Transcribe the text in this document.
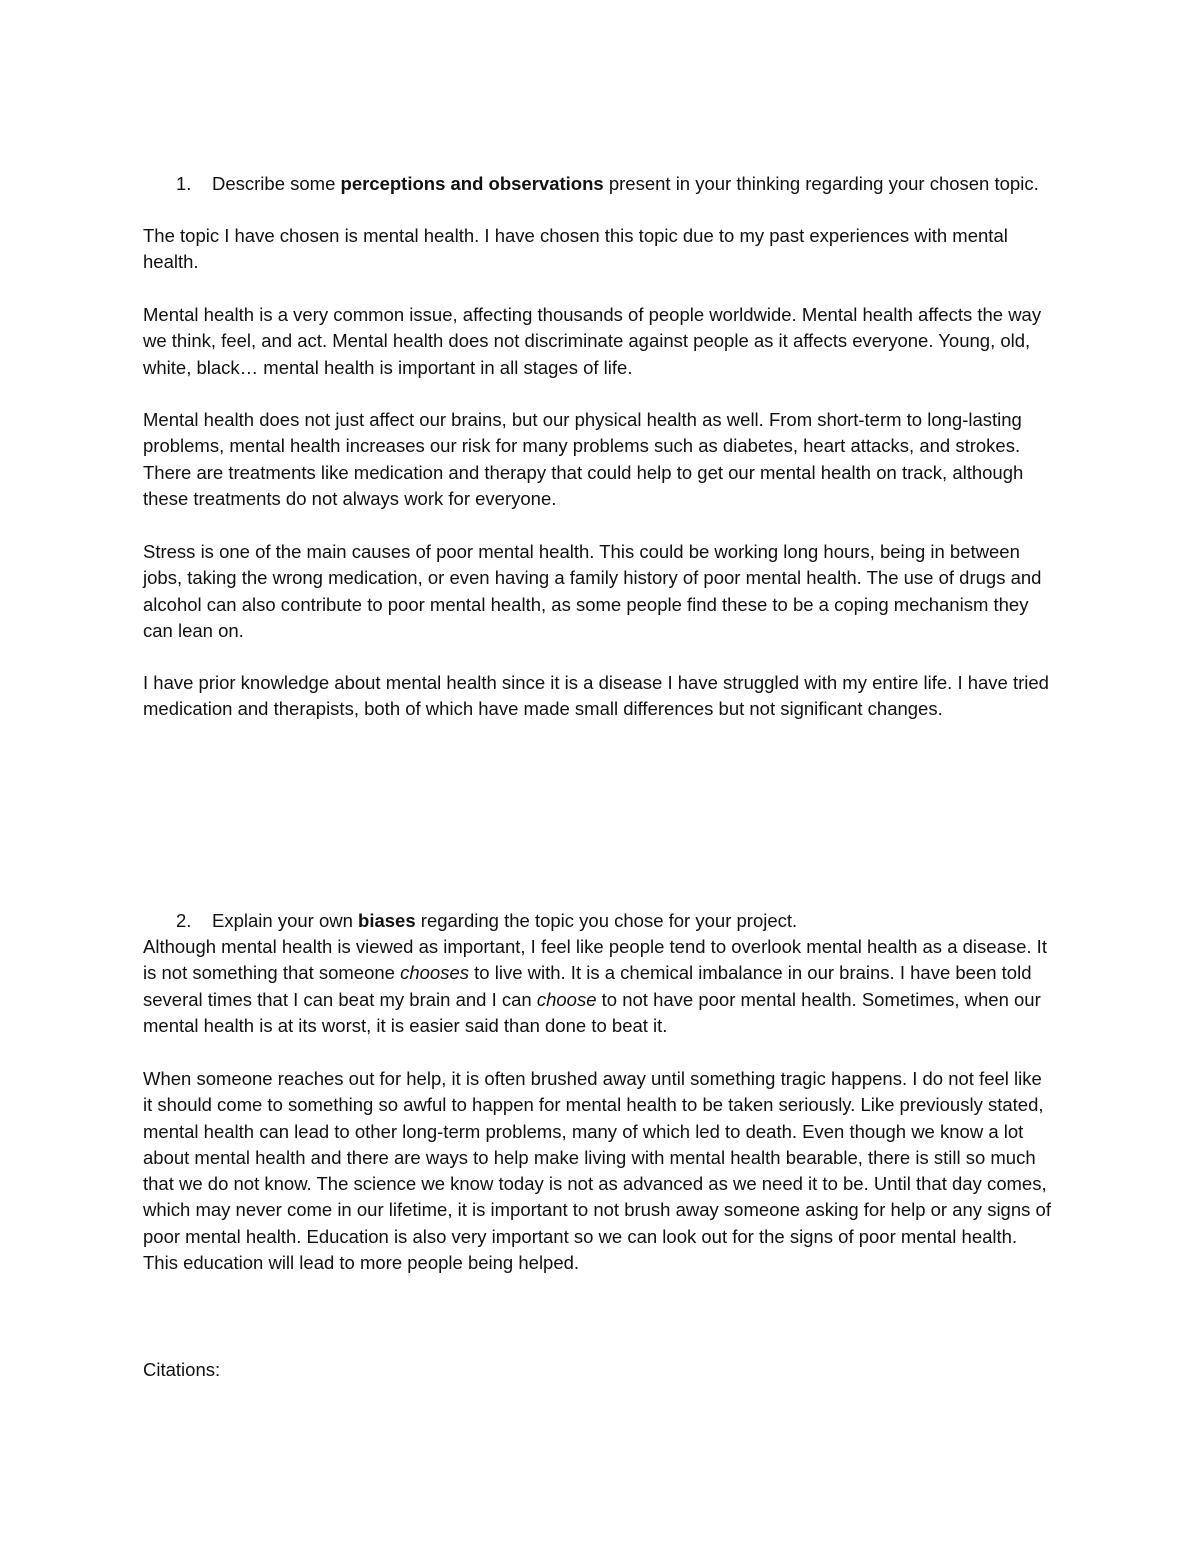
1.	Describe some perceptions and observations present in your thinking regarding your chosen topic.

The topic I have chosen is mental health. I have chosen this topic due to my past experiences with mental health.

Mental health is a very common issue, affecting thousands of people worldwide. Mental health affects the way we think, feel, and act. Mental health does not discriminate against people as it affects everyone. Young, old, white, black… mental health is important in all stages of life.

Mental health does not just affect our brains, but our physical health as well. From short-term to long-lasting problems, mental health increases our risk for many problems such as diabetes, heart attacks, and strokes. There are treatments like medication and therapy that could help to get our mental health on track, although these treatments do not always work for everyone.

Stress is one of the main causes of poor mental health. This could be working long hours, being in between jobs, taking the wrong medication, or even having a family history of poor mental health. The use of drugs and alcohol can also contribute to poor mental health, as some people find these to be a coping mechanism they can lean on.

I have prior knowledge about mental health since it is a disease I have struggled with my entire life. I have tried medication and therapists, both of which have made small differences but not significant changes.

2.	Explain your own biases regarding the topic you chose for your project.

Although mental health is viewed as important, I feel like people tend to overlook mental health as a disease. It is not something that someone chooses to live with. It is a chemical imbalance in our brains. I have been told several times that I can beat my brain and I can choose to not have poor mental health. Sometimes, when our mental health is at its worst, it is easier said than done to beat it.

When someone reaches out for help, it is often brushed away until something tragic happens. I do not feel like it should come to something so awful to happen for mental health to be taken seriously. Like previously stated, mental health can lead to other long-term problems, many of which led to death. Even though we know a lot about mental health and there are ways to help make living with mental health bearable, there is still so much that we do not know. The science we know today is not as advanced as we need it to be. Until that day comes, which may never come in our lifetime, it is important to not brush away someone asking for help or any signs of poor mental health. Education is also very important so we can look out for the signs of poor mental health. This education will lead to more people being helped.

Citations:
